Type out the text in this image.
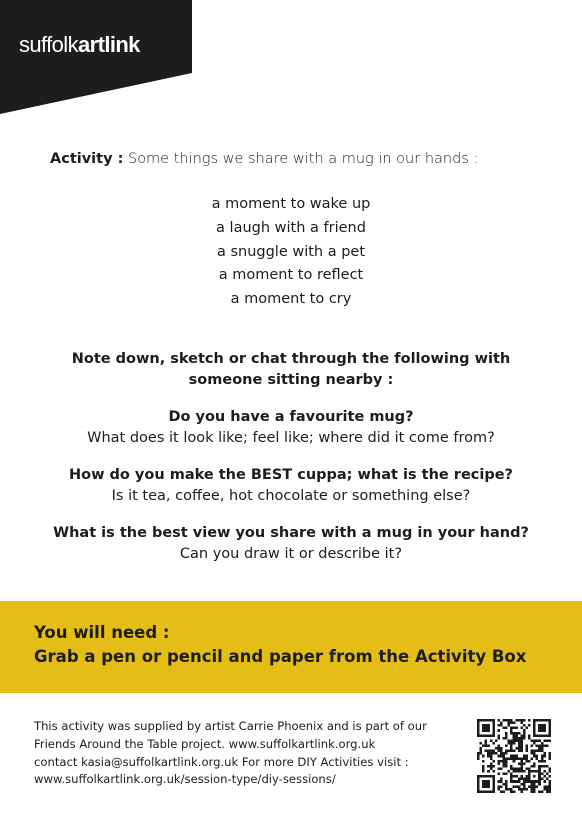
suffolkartlink
Activity : Some things we share with a mug in our hands :
a moment to wake up
a laugh with a friend
a snuggle with a pet
a moment to reflect
a moment to cry
Note down, sketch or chat through the following with
someone sitting nearby :
Do you have a favourite mug?
What does it look like; feel like; where did it come from?
How do you make the BEST cuppa; what is the recipe?
Is it tea, coffee, hot chocolate or something else?
What is the best view you share with a mug in your hand?
Can you draw it or describe it?
You will need :
Grab a pen or pencil and paper from the Activity Box
This activity was supplied by artist Carrie Phoenix and is part of our
Friends Around the Table project. www.suffolkartlink.org.uk
contact kasia@suffolkartlink.org.uk For more DIY Activities visit :
www.suffolkartlink.org.uk/session-type/diy-sessions/
